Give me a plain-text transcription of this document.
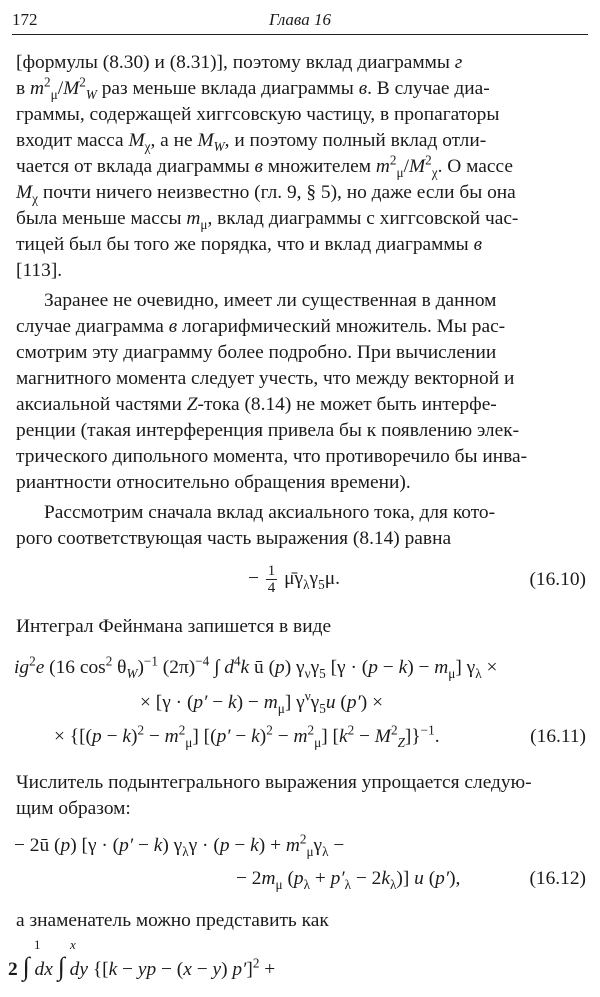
172	Глава 16

[формулы (8.30) и (8.31)], поэтому вклад диаграммы г

в $m^2_\mu/M^2_W$ раз меньше вклада диаграммы в. В случае диа-

граммы, содержащей хиггсовскую частицу, в пропагаторы

входит масса $M_\chi$, а не $M_W$, и поэтому полный вклад отли-

чается от вклада диаграммы в множителем $m^2_\mu/M^2_\chi$. О массе

$M_\chi$ почти ничего неизвестно (гл. 9, § 5), но даже если бы она

была меньше массы $m_\mu$, вклад диаграммы с хиггсовской час-

тицей был бы того же порядка, что и вклад диаграммы в

[113].

Заранее не очевидно, имеет ли существенная в данном

случае диаграмма в логарифмический множитель. Мы рас-

смотрим эту диаграмму более подробно. При вычислении

магнитного момента следует учесть, что между векторной и

аксиальной частями Z-тока (8.14) не может быть интерфе-

ренции (такая интерференция привела бы к появлению элек-

трического дипольного момента, что противоречило бы инва-

риантности относительно обращения времени).

Рассмотрим сначала вклад аксиального тока, для кото-

рого соответствующая часть выражения (8.14) равна

− $\frac{1}{4}$ $\mū\gamma_\lambda\gamma_5\mu$.	(16.10)

Интеграл Фейнмана запишется в виде

$ig^2e$ (16 $\cos^2 \theta_W)^{-1}$ $(2\pi)^{-4}$ ∫ $d^4k$ ū (p) $\gamma_\nu\gamma_5$ $[\gamma \cdot (p - k) - m_\mu]$ $\gamma_\lambda$ ×
× $[\gamma \cdot (p' - k) - m_\mu]$ $\gamma^\nu\gamma_5u$ (p′) ×
× {$[(p - k)^2 - m^2_\mu]$ $[(p' - k)^2 - m^2_\mu]$ $[k^2 - M^2_Z]\}^{-1}$.	(16.11)

Числитель подынтегрального выражения упрощается следую-

щим образом:

− 2ū (p) [γ · (p′ − k) $\gamma_\lambda\gamma \cdot (p - k) + m^2_\mu\gamma_\lambda$ −
− $2m_\mu$ $(p_\lambda + p'_\lambda - 2k_\lambda)$] u (p′),	(16.12)

а знаменатель можно представить как

1 x
2 ∫ dx ∫ dy {[k − yp − (x − y) p′]$^2$ +
